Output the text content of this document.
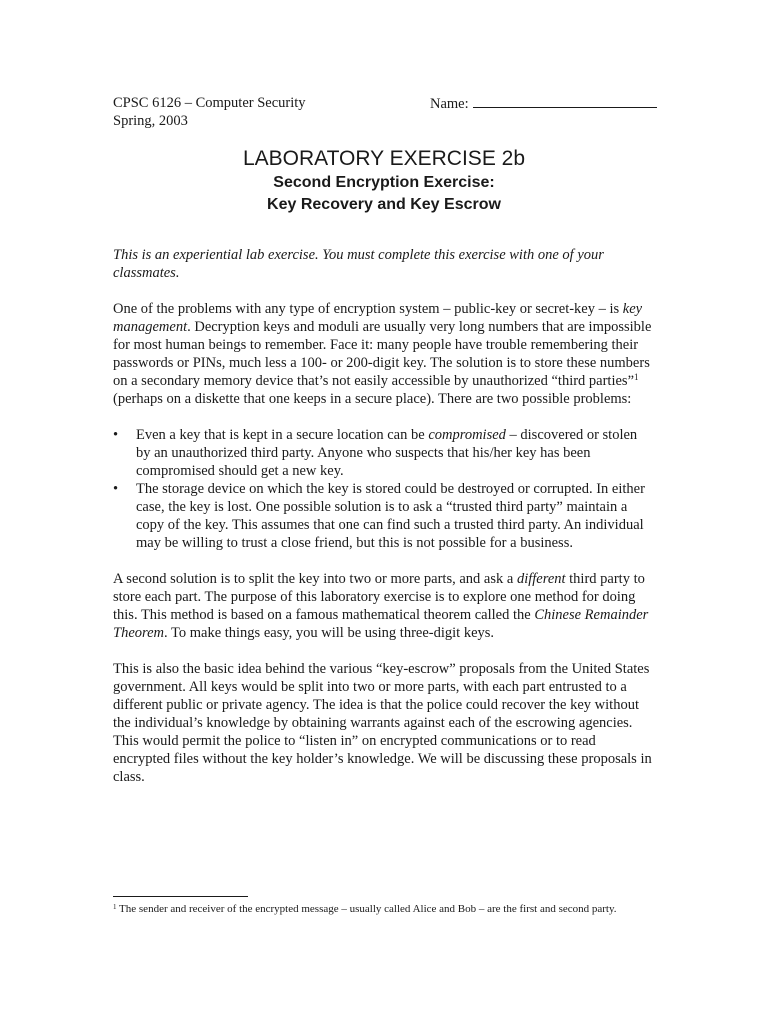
CPSC 6126 – Computer Security
Spring, 2003
Name:
LABORATORY EXERCISE 2b
Second Encryption Exercise:
Key Recovery and Key Escrow

This is an experiential lab exercise. You must complete this exercise with one of your classmates.

One of the problems with any type of encryption system – public-key or secret-key – is key management. Decryption keys and moduli are usually very long numbers that are impossible for most human beings to remember. Face it: many people have trouble remembering their passwords or PINs, much less a 100- or 200-digit key. The solution is to store these numbers on a secondary memory device that’s not easily accessible by unauthorized “third parties”$^1$ (perhaps on a diskette that one keeps in a secure place). There are two possible problems:

• Even a key that is kept in a secure location can be compromised – discovered or stolen by an unauthorized third party. Anyone who suspects that his/her key has been compromised should get a new key.
• The storage device on which the key is stored could be destroyed or corrupted. In either case, the key is lost. One possible solution is to ask a “trusted third party” maintain a copy of the key. This assumes that one can find such a trusted third party. An individual may be willing to trust a close friend, but this is not possible for a business.

A second solution is to split the key into two or more parts, and ask a different third party to store each part. The purpose of this laboratory exercise is to explore one method for doing this. This method is based on a famous mathematical theorem called the Chinese Remainder Theorem. To make things easy, you will be using three-digit keys.

This is also the basic idea behind the various “key-escrow” proposals from the United States government. All keys would be split into two or more parts, with each part entrusted to a different public or private agency. The idea is that the police could recover the key without the individual’s knowledge by obtaining warrants against each of the escrowing agencies. This would permit the police to “listen in” on encrypted communications or to read encrypted files without the key holder’s knowledge. We will be discussing these proposals in class.

$^1$ The sender and receiver of the encrypted message – usually called Alice and Bob – are the first and second party.
